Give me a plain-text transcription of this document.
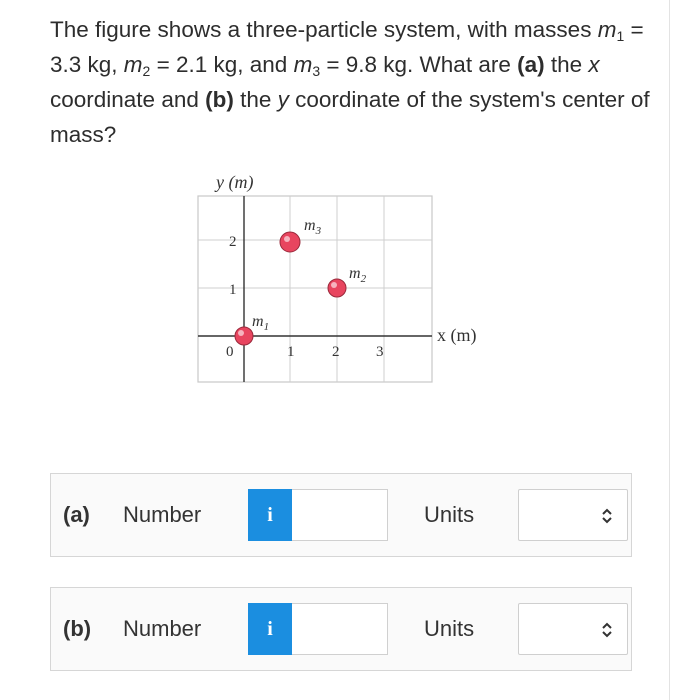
The figure shows a three-particle system, with masses $m_1 = 3.3$ kg, $m_2 = 2.1$ kg, and $m_3 = 9.8$ kg. What are (a) the x coordinate and (b) the y coordinate of the system's center of mass?
y (m)
x (m)
0	1	2 3
1
2
$m_1$
$m_2$
$m_3$
(a) Number	i	Units
(b) Number	i	Units
